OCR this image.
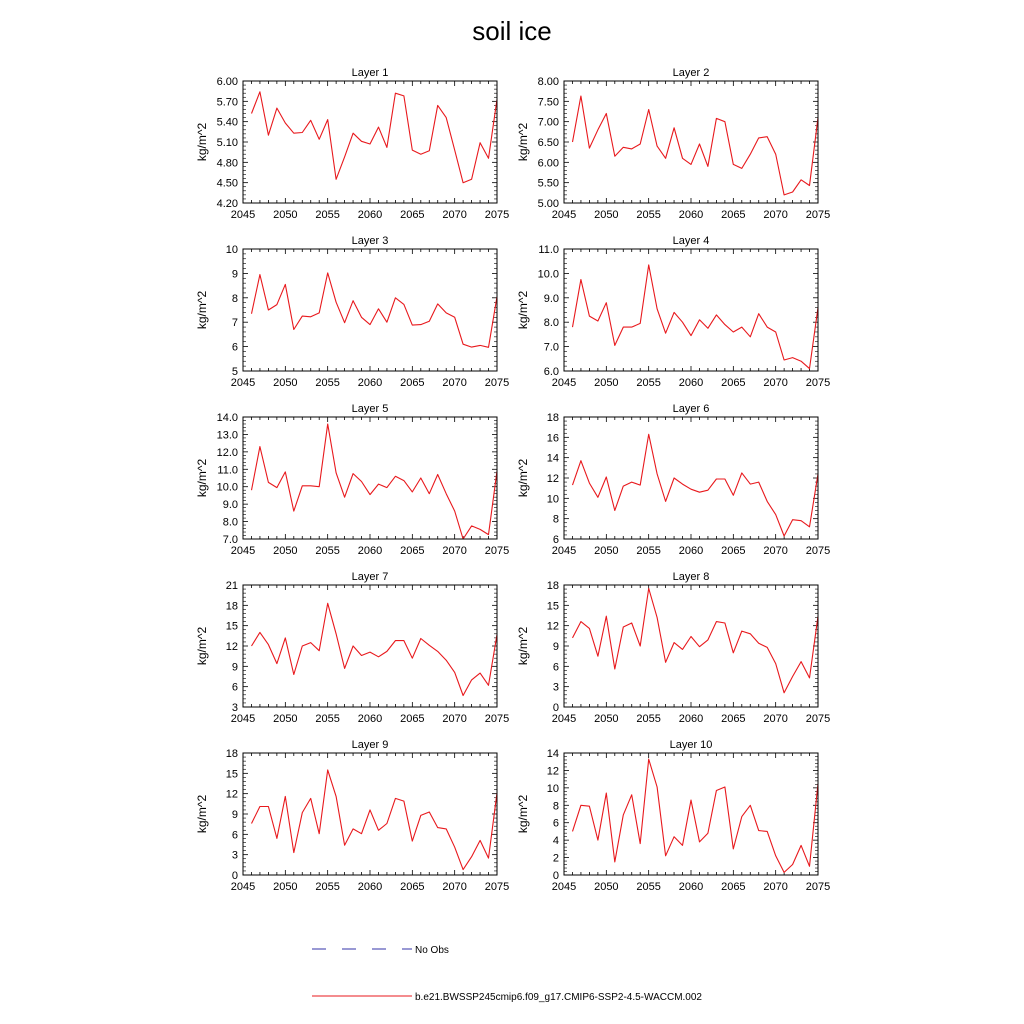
soil ice
Layer 1
kg/m^2
2045 2050 2055 2060 2065 2070 2075
4.20
4.50
4.80
5.10
5.40
5.70
6.00
Layer 2
kg/m^2
2045 2050 2055 2060 2065 2070 2075
5.00
5.50
6.00
6.50
7.00
7.50
8.00
Layer 3
kg/m^2
2045 2050 2055 2060 2065 2070 2075
5
6
7
8
9
10
Layer 4
kg/m^2
2045 2050 2055 2060 2065 2070 2075
6.0
7.0
8.0
9.0
10.0
11.0
Layer 5
kg/m^2
2045 2050 2055 2060 2065 2070 2075
7.0
8.0
9.0
10.0
11.0
12.0
13.0
14.0
Layer 6
kg/m^2
2045 2050 2055 2060 2065 2070 2075
6
8
10
12
14
16
18
Layer 7
kg/m^2
2045 2050 2055 2060 2065 2070 2075
3
6
9
12
15
18
21
Layer 8
kg/m^2
2045 2050 2055 2060 2065 2070 2075
0
3
6
9
12
15
18
Layer 9
kg/m^2
2045 2050 2055 2060 2065 2070 2075
0
3
6
9
12
15
18
Layer 10
kg/m^2
2045 2050 2055 2060 2065 2070 2075
0
2
4
6
8
10
12
14
No Obs
b.e21.BWSSP245cmip6.f09_g17.CMIP6-SSP2-4.5-WACCM.002
